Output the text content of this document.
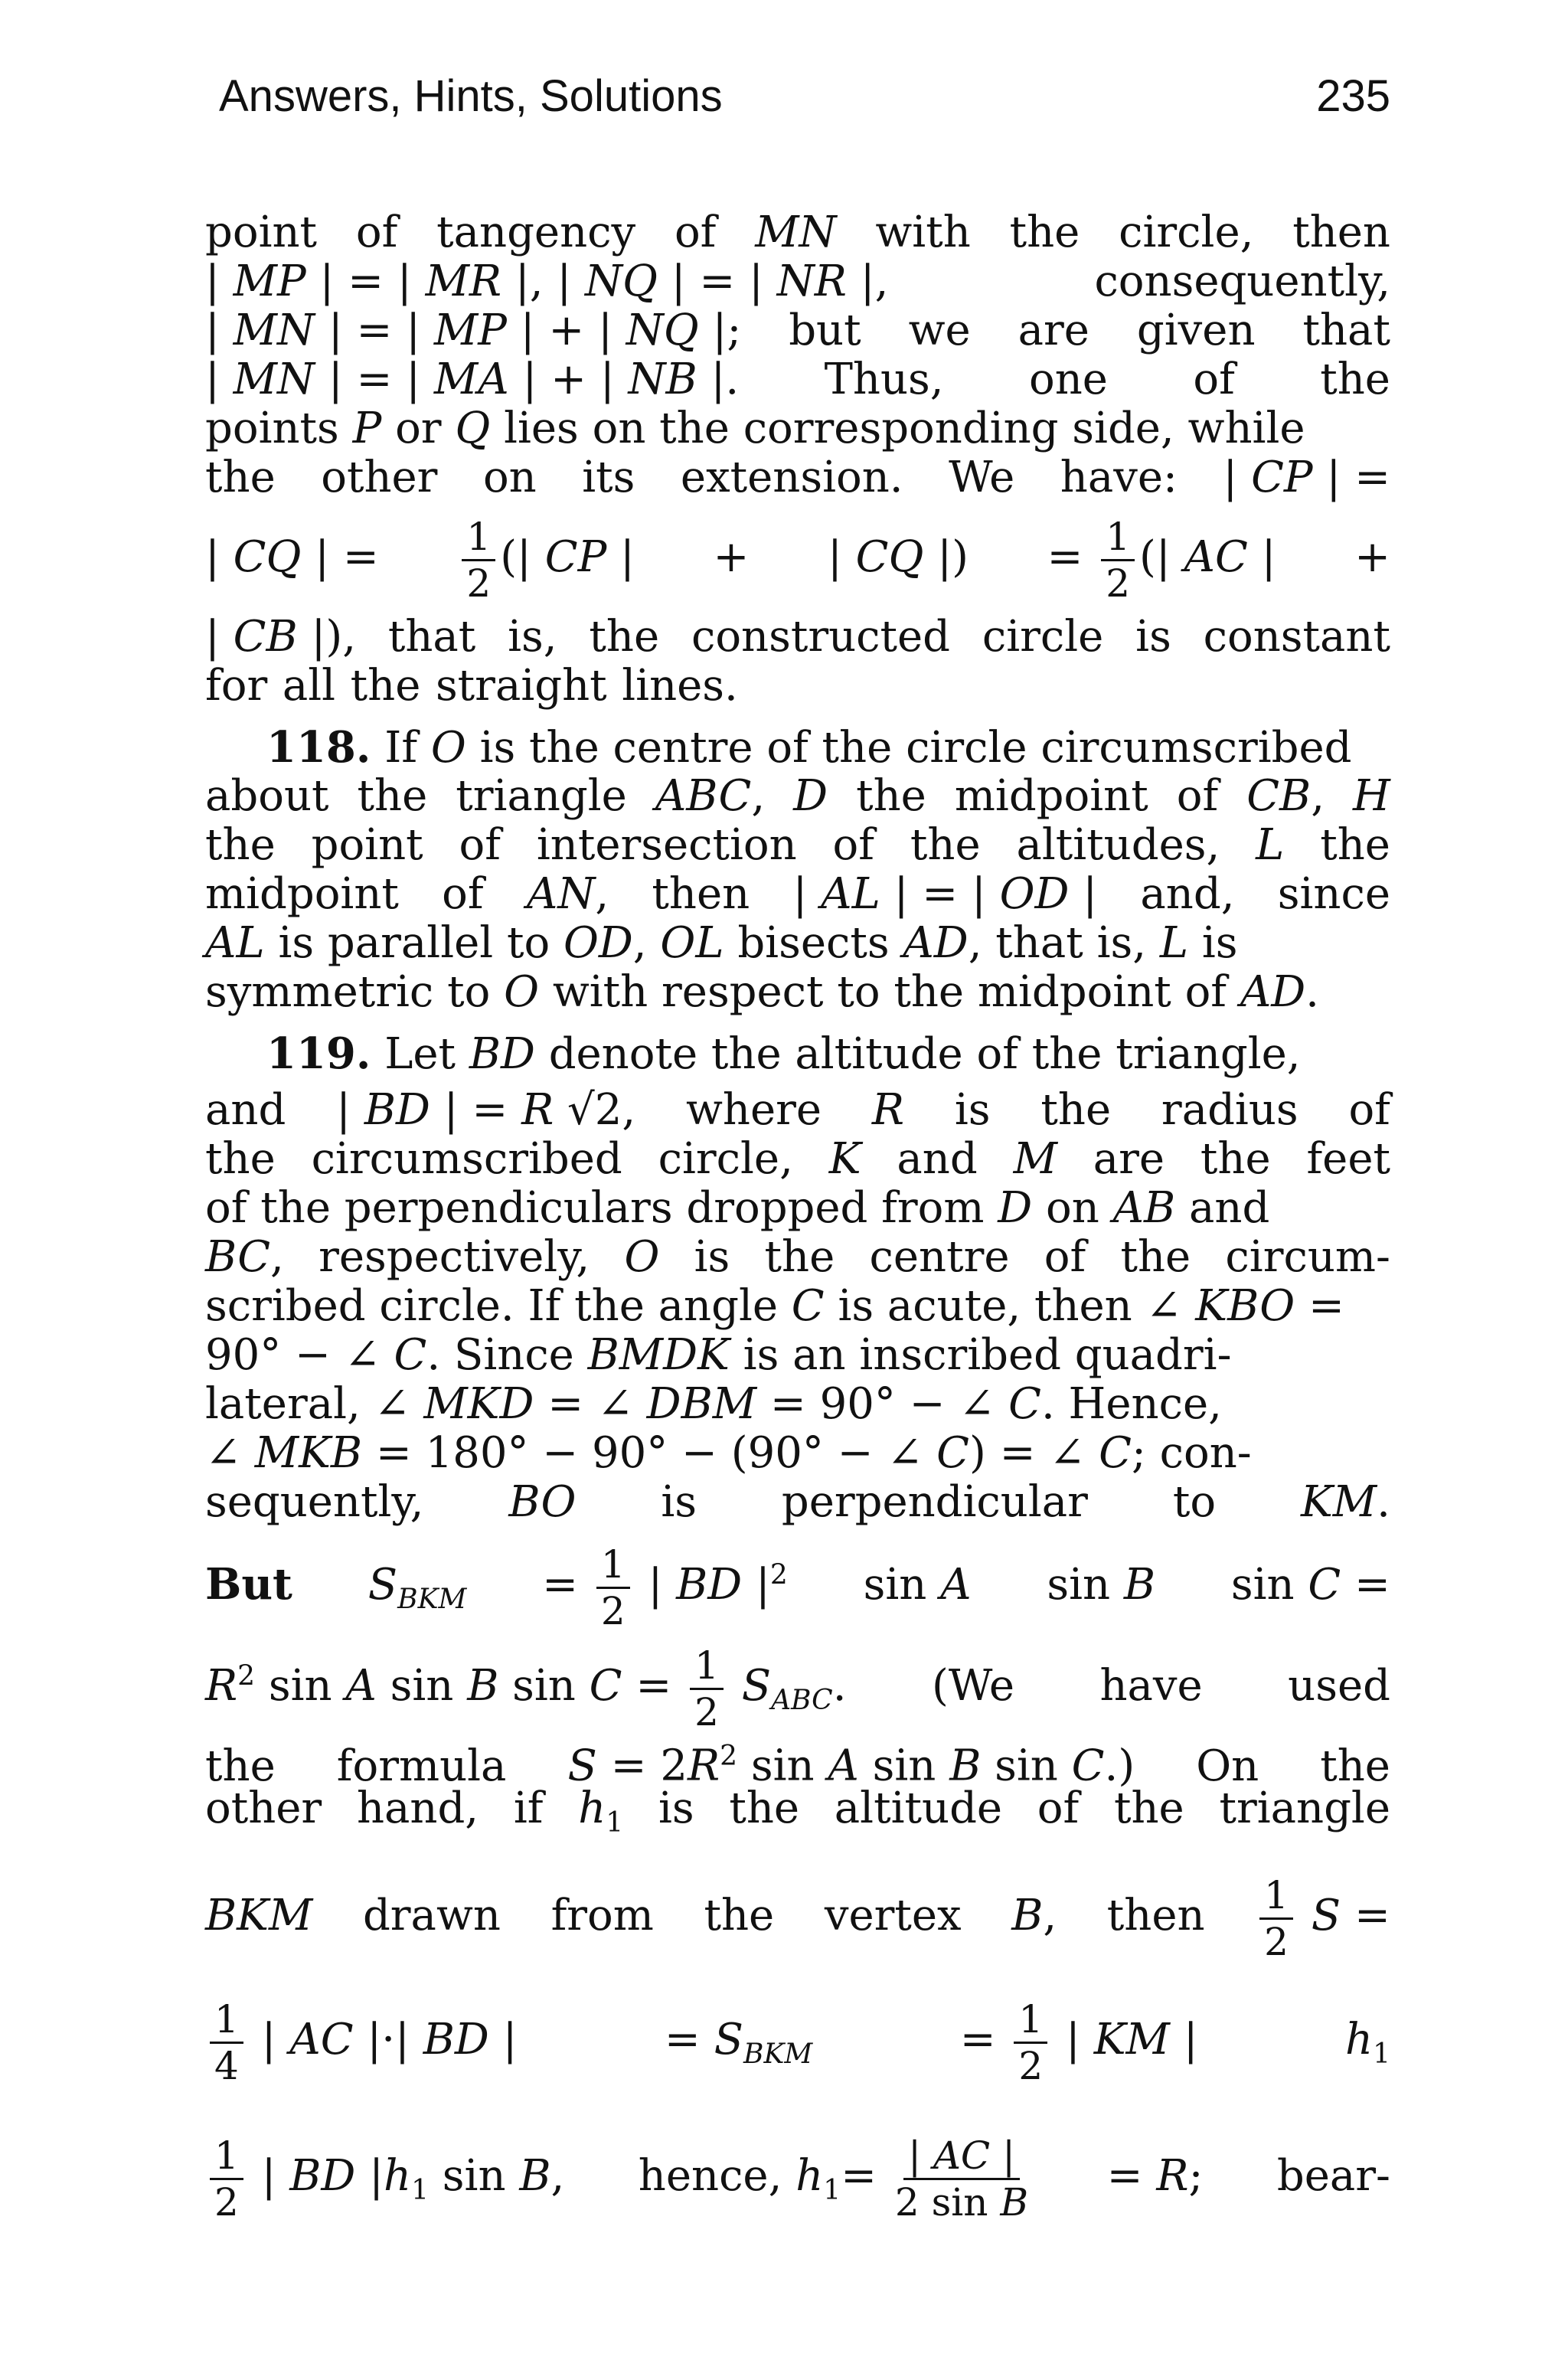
Answers, Hints, Solutions	235
point of tangency of MN with the circle, then
| MP | = | MR |, | NQ | = | NR |,	consequently,
| MN | = | MP | + | NQ |; but we are given that
| MN | = | MA | + | NB |. Thus, one of the
points P or Q lies on the corresponding side, while
the other on its extension. We have: | CP | =
| CQ | = $\frac{1}{2}$ (| CP | + | CQ |) = $\frac{1}{2}$ (| AC | +
| CB |), that is, the constructed circle is constant
for all the straight lines.
118. If O is the centre of the circle circumscribed
about the triangle ABC, D the midpoint of CB, H
the point of intersection of the altitudes, L the
midpoint of AN, then | AL | = | OD | and, since
AL is parallel to OD, OL bisects AD, that is, L is
symmetric to O with respect to the midpoint of AD.
119. Let BD denote the altitude of the triangle,
and | BD | = R √2, where R is the radius of
the circumscribed circle, K and M are the feet
of the perpendiculars dropped from D on AB and
BC, respectively, O is the centre of the circum-
scribed circle. If the angle C is acute, then ∠ KBO =
90° − ∠ C. Since BMDK is an inscribed quadri-
lateral, ∠ MKD = ∠ DBM = 90° − ∠ C. Hence,
∠ MKB = 180° − 90° − (90° − ∠ C) = ∠ C; con-
sequently, BO is perpendicular to KM.
But $S_{BKM} = \frac{1}{2}$ | BD $|^2$ sin A sin B sin C =
$R^2$ sin A sin B $\sin C = \frac{1}{2} S_{ABC}$. (We have used
the formula $S = 2R^2$ sin A sin B sin C.) On the
other hand, if $h_1$ is the altitude of the triangle
BKM drawn from the vertex B, then $\frac{1}{2}$ S =
$\frac{1}{4}$ | AC |·| BD |	= $S_{BKM}$	= $\frac{1}{2}$ | KM |	$h_1$
$\frac{1}{2}$ | BD $|h_1$ sin B, hence, $h_1= \frac{| AC |}{\text{2 sin B}} = R$; bear-
